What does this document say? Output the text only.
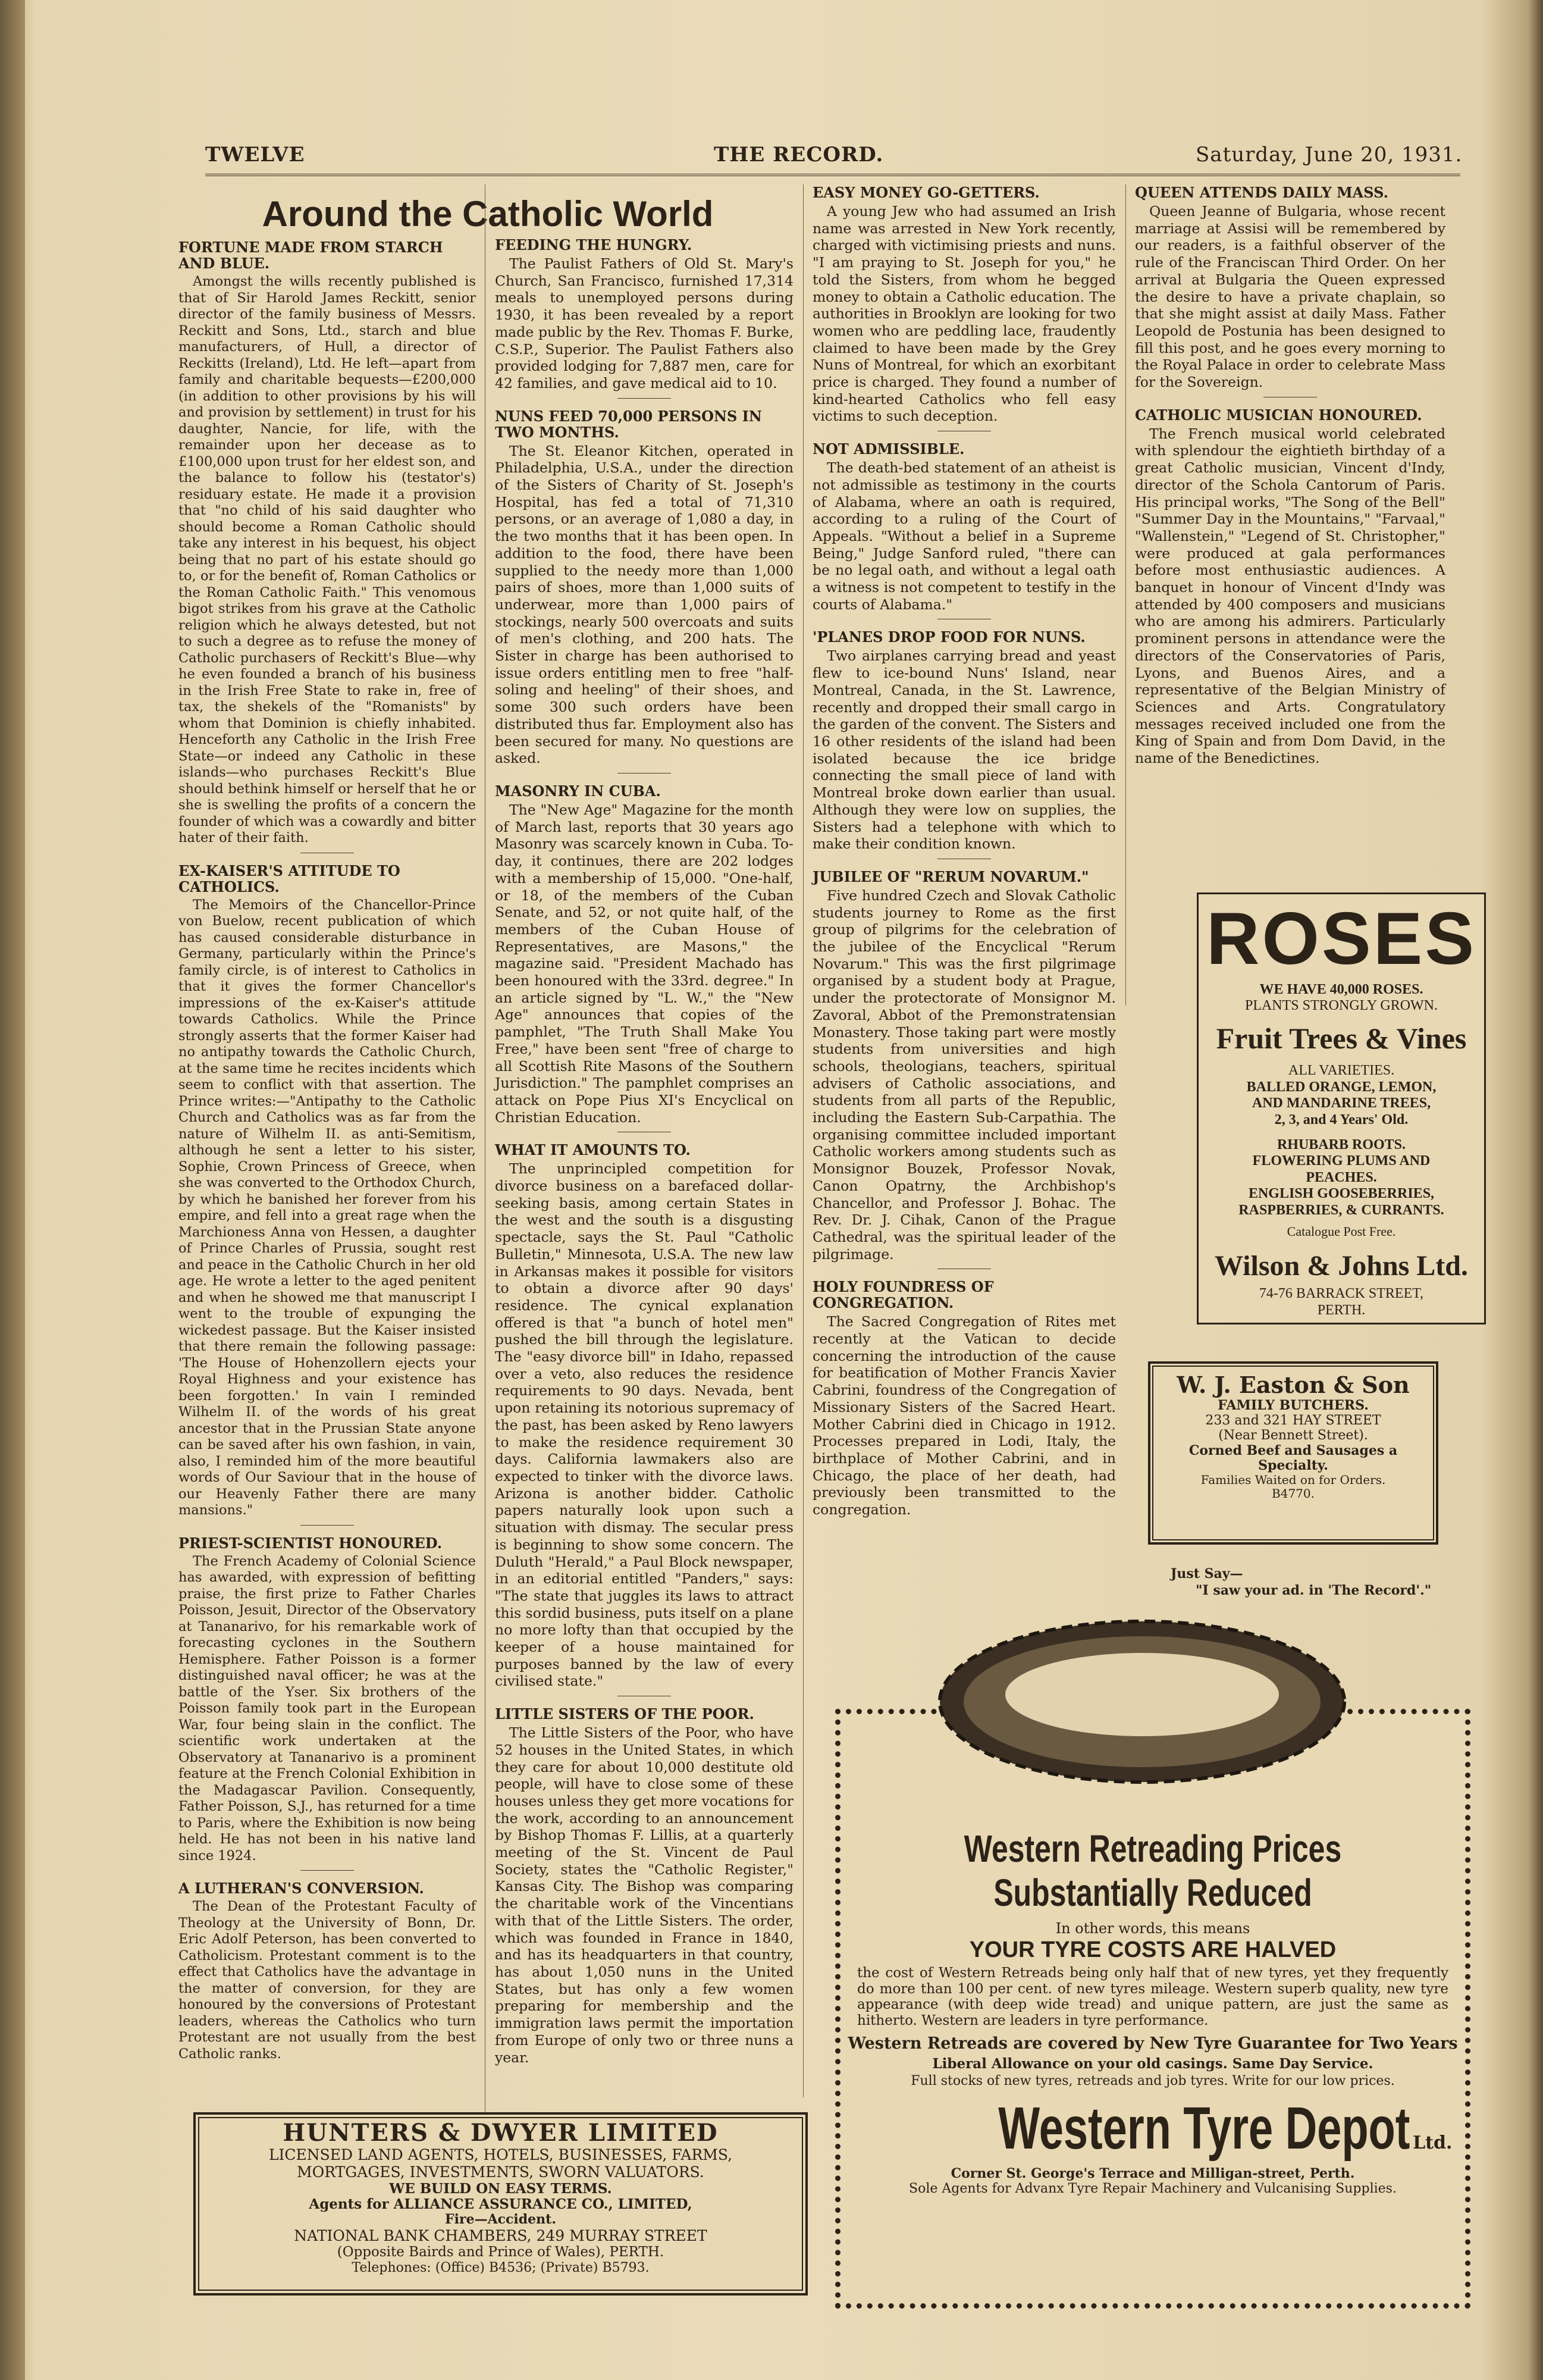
TWELVE	THE RECORD.	Saturday, June 20, 1931.
Around the Catholic World
FORTUNE MADE FROM STARCH AND BLUE.

Amongst the wills recently published is that of Sir Harold James Reckitt, senior director of the family business of Messrs. Reckitt and Sons, Ltd., starch and blue manufacturers, of Hull, a director of Reckitts (Ireland), Ltd. He left—apart from family and charitable bequests—£200,000 (in addition to other provisions by his will and provision by settlement) in trust for his daughter, Nancie, for life, with the remainder upon her decease as to £100,000 upon trust for her eldest son, and the balance to follow his (testator's) residuary estate. He made it a provision that "no child of his said daughter who should become a Roman Catholic should take any interest in his bequest, his object being that no part of his estate should go to, or for the benefit of, Roman Catholics or the Roman Catholic Faith." This venomous bigot strikes from his grave at the Catholic religion which he always detested, but not to such a degree as to refuse the money of Catholic purchasers of Reckitt's Blue—why he even founded a branch of his business in the Irish Free State to rake in, free of tax, the shekels of the "Romanists" by whom that Dominion is chiefly inhabited. Henceforth any Catholic in the Irish Free State—or indeed any Catholic in these islands—who purchases Reckitt's Blue should bethink himself or herself that he or she is swelling the profits of a concern the founder of which was a cowardly and bitter hater of their faith.

EX-KAISER'S ATTITUDE TO CATHOLICS.

The Memoirs of the Chancellor-Prince von Buelow, recent publication of which has caused considerable disturbance in Germany, particularly within the Prince's family circle, is of interest to Catholics in that it gives the former Chancellor's impressions of the ex-Kaiser's attitude towards Catholics. While the Prince strongly asserts that the former Kaiser had no antipathy towards the Catholic Church, at the same time he recites incidents which seem to conflict with that assertion. The Prince writes:—"Antipathy to the Catholic Church and Catholics was as far from the nature of Wilhelm II. as anti-Semitism, although he sent a letter to his sister, Sophie, Crown Princess of Greece, when she was converted to the Orthodox Church, by which he banished her forever from his empire, and fell into a great rage when the Marchioness Anna von Hessen, a daughter of Prince Charles of Prussia, sought rest and peace in the Catholic Church in her old age. He wrote a letter to the aged penitent and when he showed me that manuscript I went to the trouble of expunging the wickedest passage. But the Kaiser insisted that there remain the following passage: 'The House of Hohenzollern ejects your Royal Highness and your existence has been forgotten.' In vain I reminded Wilhelm II. of the words of his great ancestor that in the Prussian State anyone can be saved after his own fashion, in vain, also, I reminded him of the more beautiful words of Our Saviour that in the house of our Heavenly Father there are many mansions."

PRIEST-SCIENTIST HONOURED.

The French Academy of Colonial Science has awarded, with expression of befitting praise, the first prize to Father Charles Poisson, Jesuit, Director of the Observatory at Tananarivo, for his remarkable work of forecasting cyclones in the Southern Hemisphere. Father Poisson is a former distinguished naval officer; he was at the battle of the Yser. Six brothers of the Poisson family took part in the European War, four being slain in the conflict. The scientific work undertaken at the Observatory at Tananarivo is a prominent feature at the French Colonial Exhibition in the Madagascar Pavilion. Consequently, Father Poisson, S.J., has returned for a time to Paris, where the Exhibition is now being held. He has not been in his native land since 1924.

A LUTHERAN'S CONVERSION.

The Dean of the Protestant Faculty of Theology at the University of Bonn, Dr. Eric Adolf Peterson, has been converted to Catholicism. Protestant comment is to the effect that Catholics have the advantage in the matter of conversion, for they are honoured by the conversions of Protestant leaders, whereas the Catholics who turn Protestant are not usually from the best Catholic ranks.

FEEDING THE HUNGRY.

The Paulist Fathers of Old St. Mary's Church, San Francisco, furnished 17,314 meals to unemployed persons during 1930, it has been revealed by a report made public by the Rev. Thomas F. Burke, C.S.P., Superior. The Paulist Fathers also provided lodging for 7,887 men, care for 42 families, and gave medical aid to 10.

NUNS FEED 70,000 PERSONS IN TWO MONTHS.

The St. Eleanor Kitchen, operated in Philadelphia, U.S.A., under the direction of the Sisters of Charity of St. Joseph's Hospital, has fed a total of 71,310 persons, or an average of 1,080 a day, in the two months that it has been open. In addition to the food, there have been supplied to the needy more than 1,000 pairs of shoes, more than 1,000 suits of underwear, more than 1,000 pairs of stockings, nearly 500 overcoats and suits of men's clothing, and 200 hats. The Sister in charge has been authorised to issue orders entitling men to free "half-soling and heeling" of their shoes, and some 300 such orders have been distributed thus far. Employment also has been secured for many. No questions are asked.

MASONRY IN CUBA.

The "New Age" Magazine for the month of March last, reports that 30 years ago Masonry was scarcely known in Cuba. To-day, it continues, there are 202 lodges with a membership of 15,000. "One-half, or 18, of the members of the Cuban Senate, and 52, or not quite half, of the members of the Cuban House of Representatives, are Masons," the magazine said. "President Machado has been honoured with the 33rd. degree." In an article signed by "L. W.," the "New Age" announces that copies of the pamphlet, "The Truth Shall Make You Free," have been sent "free of charge to all Scottish Rite Masons of the Southern Jurisdiction." The pamphlet comprises an attack on Pope Pius XI's Encyclical on Christian Education.

WHAT IT AMOUNTS TO.

The unprincipled competition for divorce business on a barefaced dollar-seeking basis, among certain States in the west and the south is a disgusting spectacle, says the St. Paul "Catholic Bulletin," Minnesota, U.S.A. The new law in Arkansas makes it possible for visitors to obtain a divorce after 90 days' residence. The cynical explanation offered is that "a bunch of hotel men" pushed the bill through the legislature. The "easy divorce bill" in Idaho, repassed over a veto, also reduces the residence requirements to 90 days. Nevada, bent upon retaining its notorious supremacy of the past, has been asked by Reno lawyers to make the residence requirement 30 days. California lawmakers also are expected to tinker with the divorce laws. Arizona is another bidder. Catholic papers naturally look upon such a situation with dismay. The secular press is beginning to show some concern. The Duluth "Herald," a Paul Block newspaper, in an editorial entitled "Panders," says: "The state that juggles its laws to attract this sordid business, puts itself on a plane no more lofty than that occupied by the keeper of a house maintained for purposes banned by the law of every civilised state."

LITTLE SISTERS OF THE POOR.

The Little Sisters of the Poor, who have 52 houses in the United States, in which they care for about 10,000 destitute old people, will have to close some of these houses unless they get more vocations for the work, according to an announcement by Bishop Thomas F. Lillis, at a quarterly meeting of the St. Vincent de Paul Society, states the "Catholic Register," Kansas City. The Bishop was comparing the charitable work of the Vincentians with that of the Little Sisters. The order, which was founded in France in 1840, and has its headquarters in that country, has about 1,050 nuns in the United States, but has only a few women preparing for membership and the immigration laws permit the importation from Europe of only two or three nuns a year.

EASY MONEY GO-GETTERS.

A young Jew who had assumed an Irish name was arrested in New York recently, charged with victimising priests and nuns. "I am praying to St. Joseph for you," he told the Sisters, from whom he begged money to obtain a Catholic education. The authorities in Brooklyn are looking for two women who are peddling lace, fraudently claimed to have been made by the Grey Nuns of Montreal, for which an exorbitant price is charged. They found a number of kind-hearted Catholics who fell easy victims to such deception.

NOT ADMISSIBLE.

The death-bed statement of an atheist is not admissible as testimony in the courts of Alabama, where an oath is required, according to a ruling of the Court of Appeals. "Without a belief in a Supreme Being," Judge Sanford ruled, "there can be no legal oath, and without a legal oath a witness is not competent to testify in the courts of Alabama."

'PLANES DROP FOOD FOR NUNS.

Two airplanes carrying bread and yeast flew to ice-bound Nuns' Island, near Montreal, Canada, in the St. Lawrence, recently and dropped their small cargo in the garden of the convent. The Sisters and 16 other residents of the island had been isolated because the ice bridge connecting the small piece of land with Montreal broke down earlier than usual. Although they were low on supplies, the Sisters had a telephone with which to make their condition known.

JUBILEE OF "RERUM NOVARUM."

Five hundred Czech and Slovak Catholic students journey to Rome as the first group of pilgrims for the celebration of the jubilee of the Encyclical "Rerum Novarum." This was the first pilgrimage organised by a student body at Prague, under the protectorate of Monsignor M. Zavoral, Abbot of the Premonstratensian Monastery. Those taking part were mostly students from universities and high schools, theologians, teachers, spiritual advisers of Catholic associations, and students from all parts of the Republic, including the Eastern Sub-Carpathia. The organising committee included important Catholic workers among students such as Monsignor Bouzek, Professor Novak, Canon Opatrny, the Archbishop's Chancellor, and Professor J. Bohac. The Rev. Dr. J. Cihak, Canon of the Prague Cathedral, was the spiritual leader of the pilgrimage.

HOLY FOUNDRESS OF CONGREGATION.

The Sacred Congregation of Rites met recently at the Vatican to decide concerning the introduction of the cause for beatification of Mother Francis Xavier Cabrini, foundress of the Congregation of Missionary Sisters of the Sacred Heart. Mother Cabrini died in Chicago in 1912. Processes prepared in Lodi, Italy, the birthplace of Mother Cabrini, and in Chicago, the place of her death, had previously been transmitted to the congregation.

QUEEN ATTENDS DAILY MASS.

Queen Jeanne of Bulgaria, whose recent marriage at Assisi will be remembered by our readers, is a faithful observer of the rule of the Franciscan Third Order. On her arrival at Bulgaria the Queen expressed the desire to have a private chaplain, so that she might assist at daily Mass. Father Leopold de Postunia has been designed to fill this post, and he goes every morning to the Royal Palace in order to celebrate Mass for the Sovereign.

CATHOLIC MUSICIAN HONOURED.

The French musical world celebrated with splendour the eightieth birthday of a great Catholic musician, Vincent d'Indy, director of the Schola Cantorum of Paris. His principal works, "The Song of the Bell" "Summer Day in the Mountains," "Farvaal," "Wallenstein," "Legend of St. Christopher," were produced at gala performances before most enthusiastic audiences. A banquet in honour of Vincent d'Indy was attended by 400 composers and musicians who are among his admirers. Particularly prominent persons in attendance were the directors of the Conservatories of Paris, Lyons, and Buenos Aires, and a representative of the Belgian Ministry of Sciences and Arts. Congratulatory messages received included one from the King of Spain and from Dom David, in the name of the Benedictines.

ROSES
WE HAVE 40,000 ROSES.
PLANTS STRONGLY GROWN.
Fruit Trees & Vines
ALL VARIETIES.
BALLED ORANGE, LEMON,
AND MANDARINE TREES,
2, 3, and 4 Years' Old.
RHUBARB ROOTS.
FLOWERING PLUMS AND
PEACHES.
ENGLISH GOOSEBERRIES,
RASPBERRIES, & CURRANTS.
Catalogue Post Free.
Wilson & Johns Ltd.
74-76 BARRACK STREET,
PERTH.
W. J. Easton & Son
FAMILY BUTCHERS.
233 and 321 HAY STREET
(Near Bennett Street).
Corned Beef and Sausages a
Specialty.
Families Waited on for Orders.
B4770.
Just Say—
"I saw your ad. in 'The Record'."
Western Retreading Prices
Substantially Reduced
In other words, this means
YOUR TYRE COSTS ARE HALVED
the cost of Western Retreads being only half that of new tyres, yet they frequently do more than 100 per cent. of new tyres mileage. Western superb quality, new tyre appearance (with deep wide tread) and unique pattern, are just the same as hitherto. Western are leaders in tyre performance.
Western Retreads are covered by New Tyre Guarantee for Two Years
Liberal Allowance on your old casings. Same Day Service.
Full stocks of new tyres, retreads and job tyres. Write for our low prices.
Western Tyre Depot Ltd.
Corner St. George's Terrace and Milligan-street, Perth.
Sole Agents for Advanx Tyre Repair Machinery and Vulcanising Supplies.
HUNTERS & DWYER LIMITED
LICENSED LAND AGENTS, HOTELS, BUSINESSES, FARMS,
MORTGAGES, INVESTMENTS, SWORN VALUATORS.
WE BUILD ON EASY TERMS.
Agents for ALLIANCE ASSURANCE CO., LIMITED,
Fire—Accident.
NATIONAL BANK CHAMBERS, 249 MURRAY STREET
(Opposite Bairds and Prince of Wales), PERTH.
Telephones: (Office) B4536; (Private) B5793.
